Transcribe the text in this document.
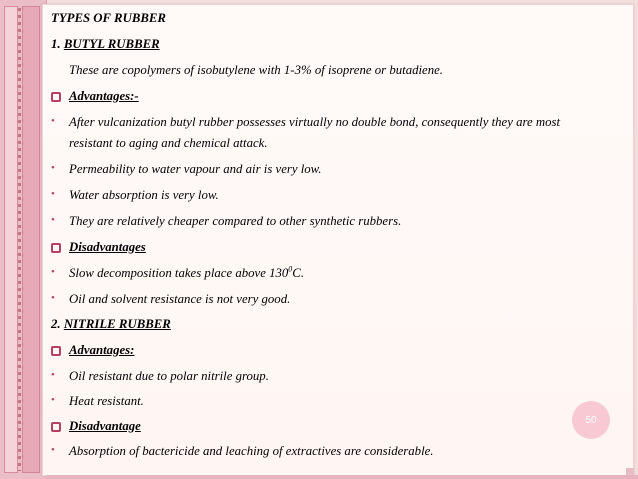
TYPES OF RUBBER
1. BUTYL RUBBER
These are copolymers of isobutylene with 1-3% of isoprene or butadiene.
Advantages:-
• After vulcanization butyl rubber possesses virtually no double bond, consequently they are most
resistant to aging and chemical attack.
• Permeability to water vapour and air is very low.
• Water absorption is very low.
• They are relatively cheaper compared to other synthetic rubbers.
Disadvantages
• Slow decomposition takes place above $130^0C$.
• Oil and solvent resistance is not very good.
2. NITRILE RUBBER
Advantages:
• Oil resistant due to polar nitrile group.
• Heat resistant.
Disadvantage
• Absorption of bactericide and leaching of extractives are considerable.
50
